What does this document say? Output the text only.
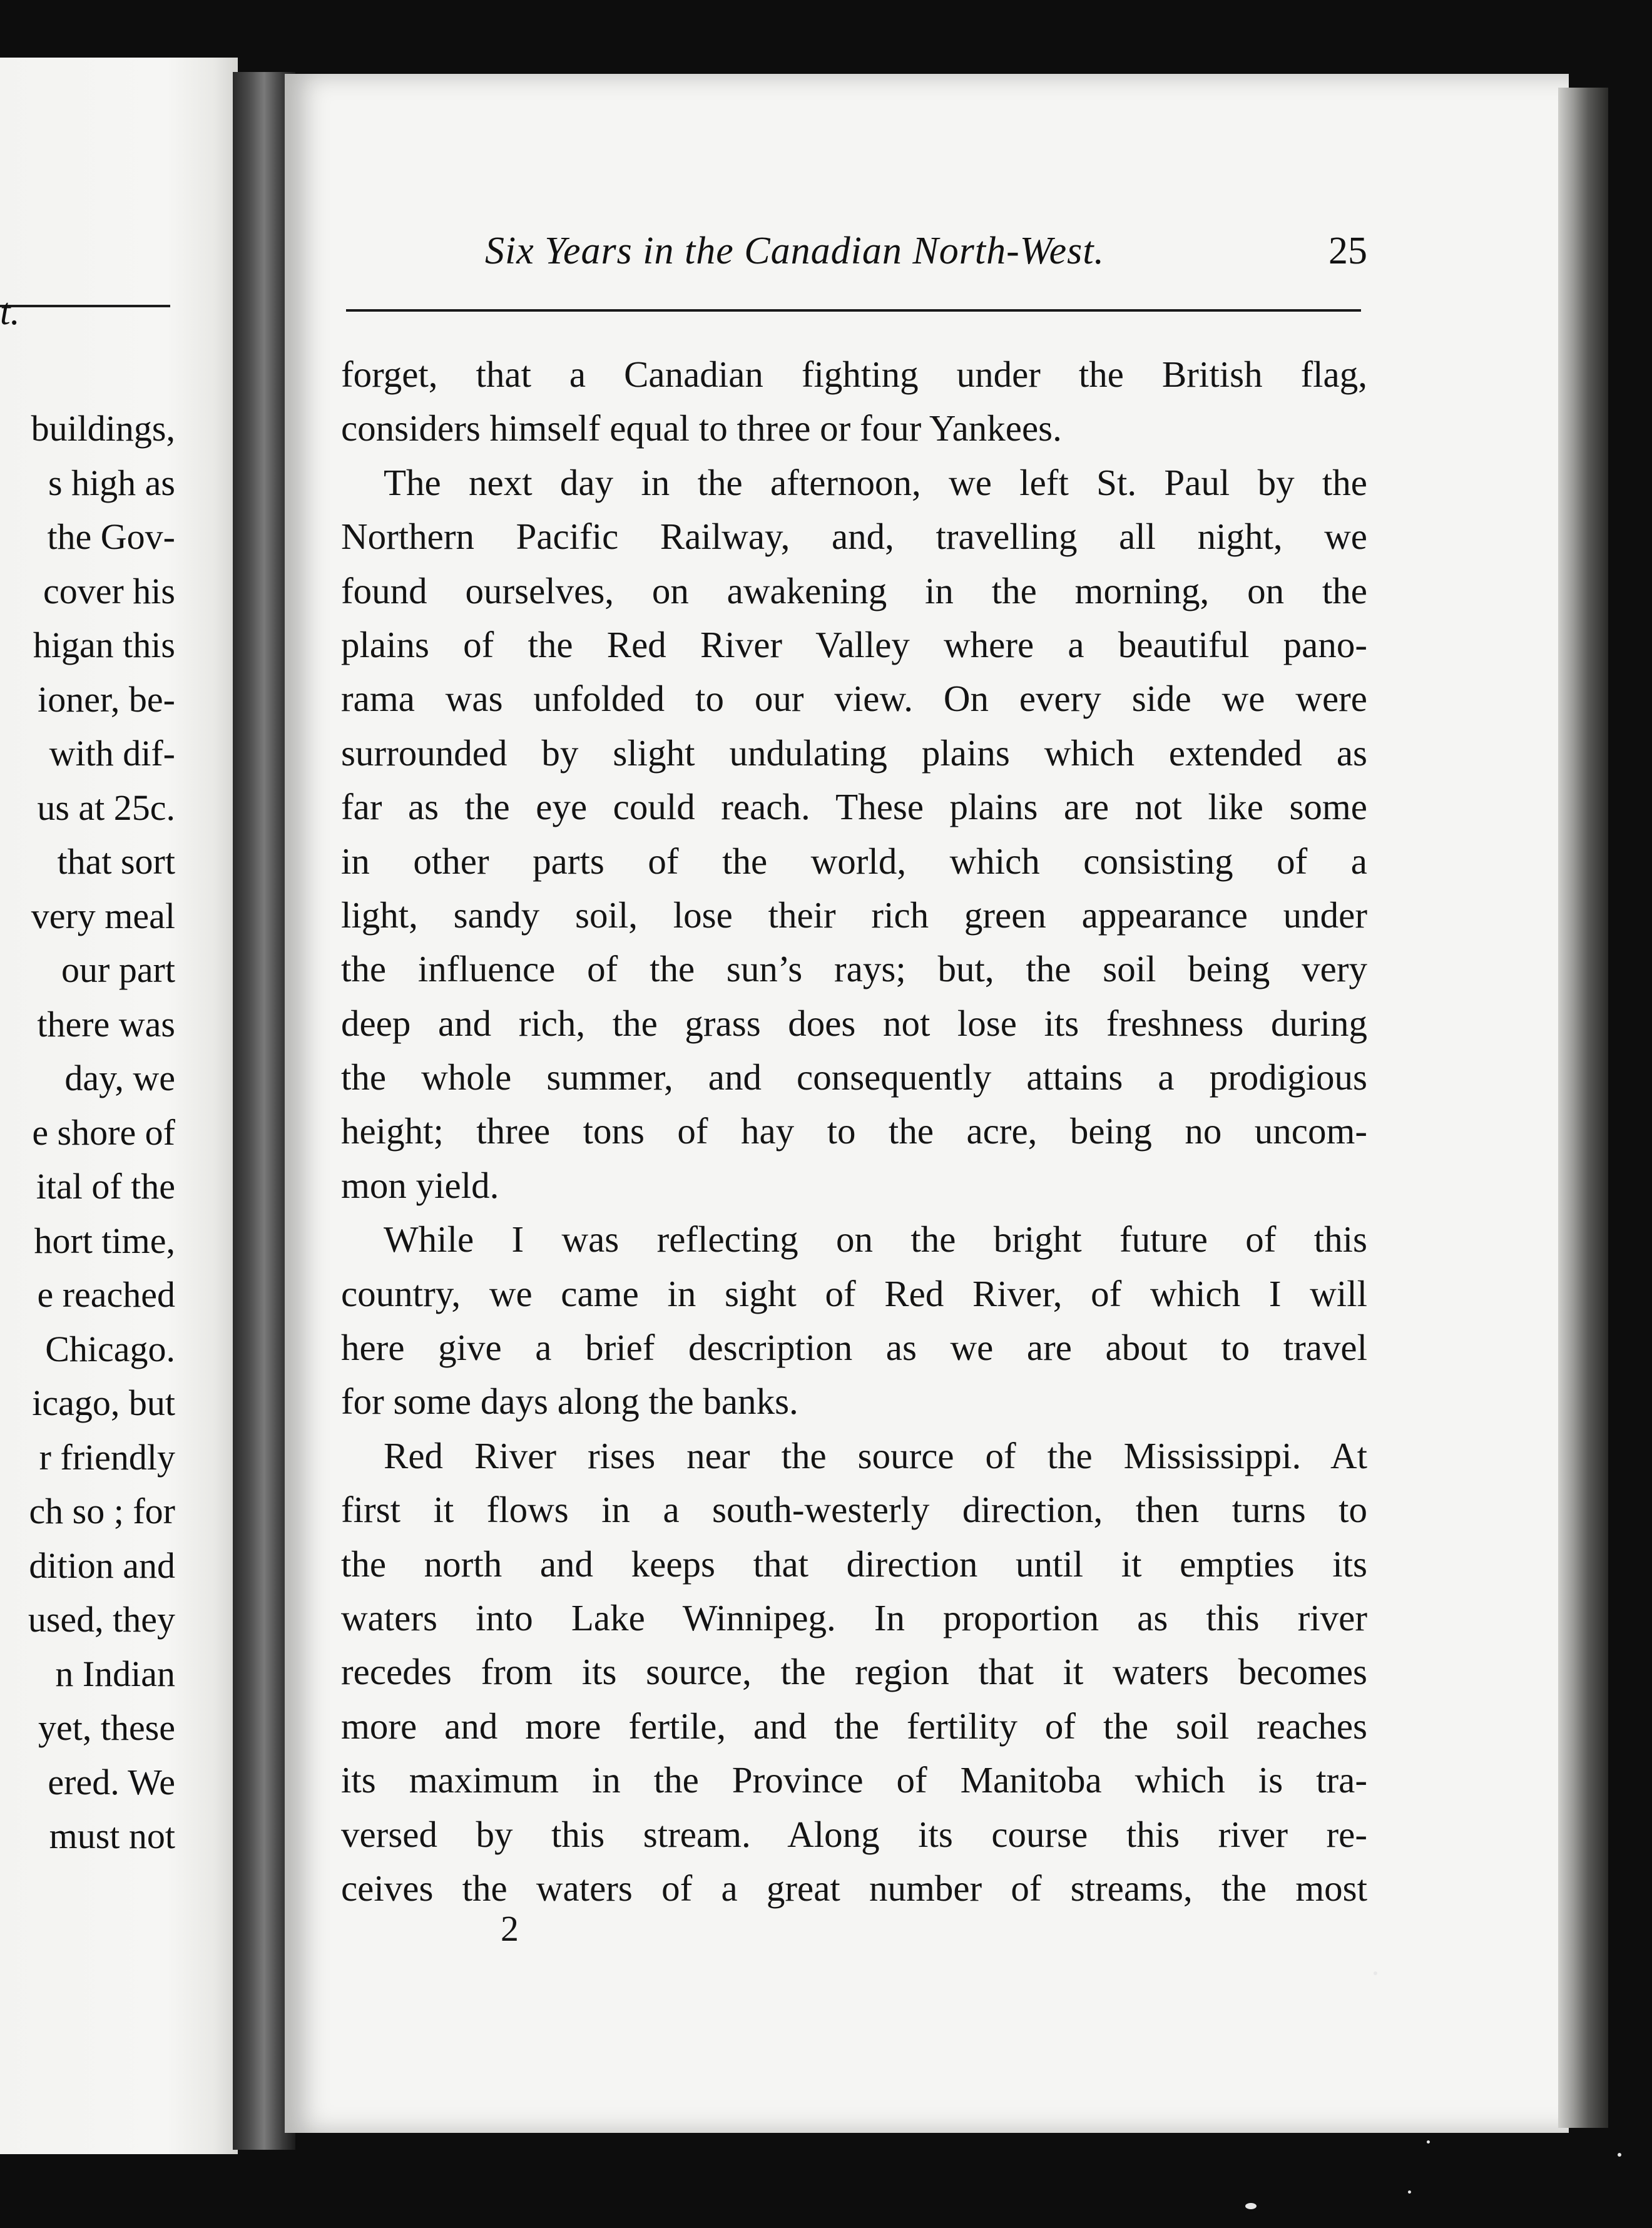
buildings,
s high as
the Gov-
cover his
higan this
ioner, be-
with dif-
us at 25c.
that sort
very meal
our part
there was
day, we
e shore of
ital of the
hort time,
e reached
Chicago.
icago, but
r friendly
ch so ; for
dition and
used, they
n Indian
yet, these
ered. We
must not
t.
Six Years in the Canadian North-West.	25
forget, that a Canadian fighting under the British flag,
considers himself equal to three or four Yankees.
The next day in the afternoon, we left St. Paul by the
Northern Pacific Railway, and, travelling all night, we
found ourselves, on awakening in the morning, on the
plains of the Red River Valley where a beautiful pano-
rama was unfolded to our view. On every side we were
surrounded by slight undulating plains which extended as
far as the eye could reach. These plains are not like some
in other parts of the world, which consisting of a
light, sandy soil, lose their rich green appearance under
the influence of the sun’s rays; but, the soil being very
deep and rich, the grass does not lose its freshness during
the whole summer, and consequently attains a prodigious
height; three tons of hay to the acre, being no uncom-
mon yield.
While I was reflecting on the bright future of this
country, we came in sight of Red River, of which I will
here give a brief description as we are about to travel
for some days along the banks.
Red River rises near the source of the Mississippi. At
first it flows in a south-westerly direction, then turns to
the north and keeps that direction until it empties its
waters into Lake Winnipeg. In proportion as this river
recedes from its source, the region that it waters becomes
more and more fertile, and the fertility of the soil reaches
its maximum in the Province of Manitoba which is tra-
versed by this stream. Along its course this river re-
ceives the waters of a great number of streams, the most
2
